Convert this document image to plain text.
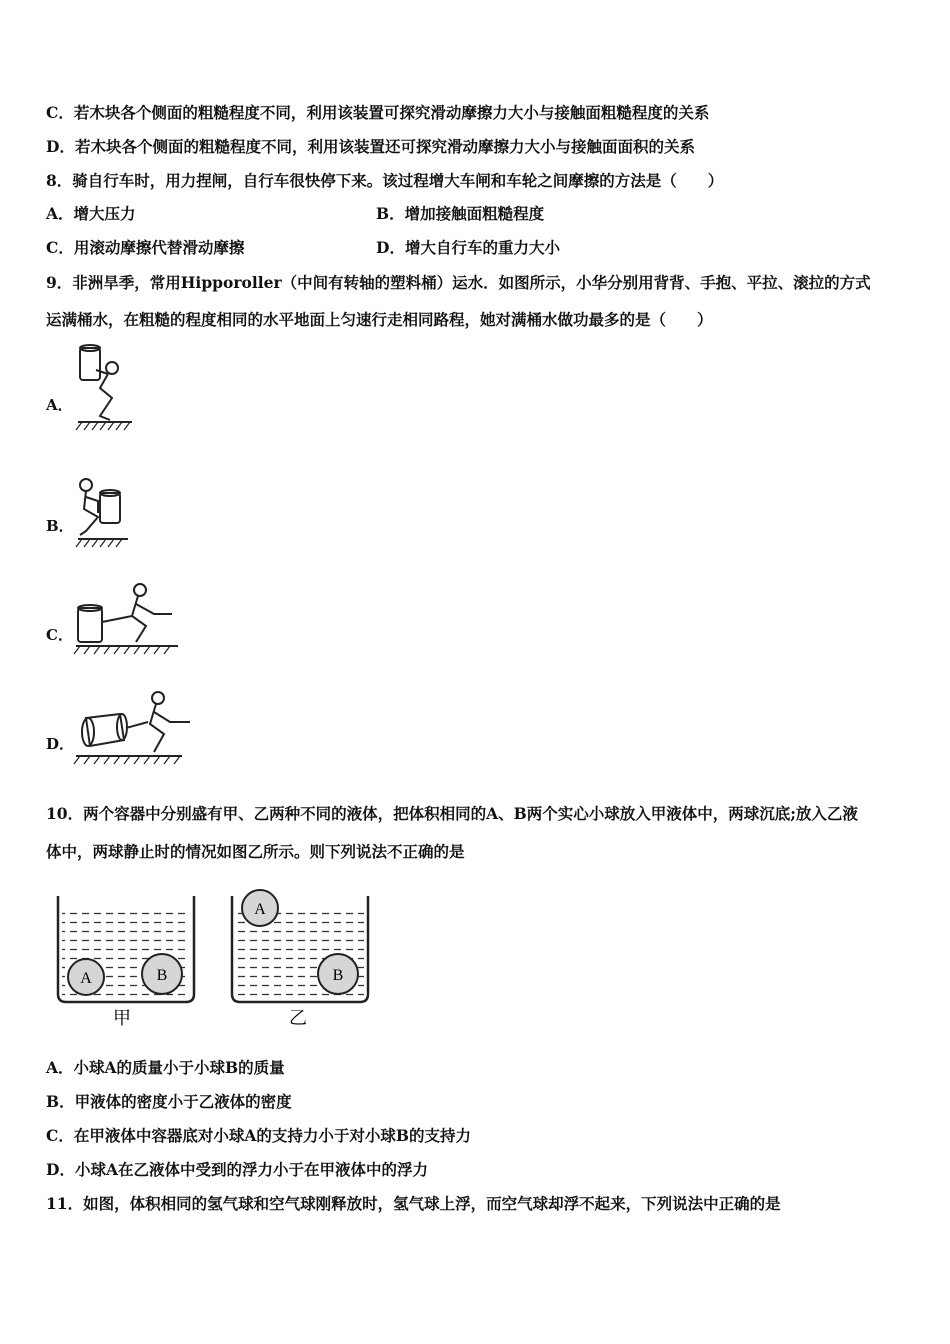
C．若木块各个侧面的粗糙程度不同，利用该装置可探究滑动摩擦力大小与接触面粗糙程度的关系
D．若木块各个侧面的粗糙程度不同，利用该装置还可探究滑动摩擦力大小与接触面面积的关系
8．骑自行车时，用力捏闸，自行车很快停下来。该过程增大车闸和车轮之间摩擦的方法是（　　）
A．增大压力	B．增加接触面粗糙程度
C．用滚动摩擦代替滑动摩擦	D．增大自行车的重力大小
9．非洲旱季，常用Hipporoller（中间有转轴的塑料桶）运水．如图所示，小华分别用背背、手抱、平拉、滚拉的方式
运满桶水，在粗糙的程度相同的水平地面上匀速行走相同路程，她对满桶水做功最多的是（　　）
A．
B．
C．
D．
10．两个容器中分别盛有甲、乙两种不同的液体，把体积相同的A、B两个实心小球放入甲液体中，两球沉底;放入乙液
体中，两球静止时的情况如图乙所示。则下列说法不正确的是
A	B
甲
A
B
乙
A．小球A的质量小于小球B的质量
B．甲液体的密度小于乙液体的密度
C．在甲液体中容器底对小球A的支持力小于对小球B的支持力
D．小球A在乙液体中受到的浮力小于在甲液体中的浮力
11．如图，体积相同的氢气球和空气球刚释放时，氢气球上浮，而空气球却浮不起来，下列说法中正确的是
